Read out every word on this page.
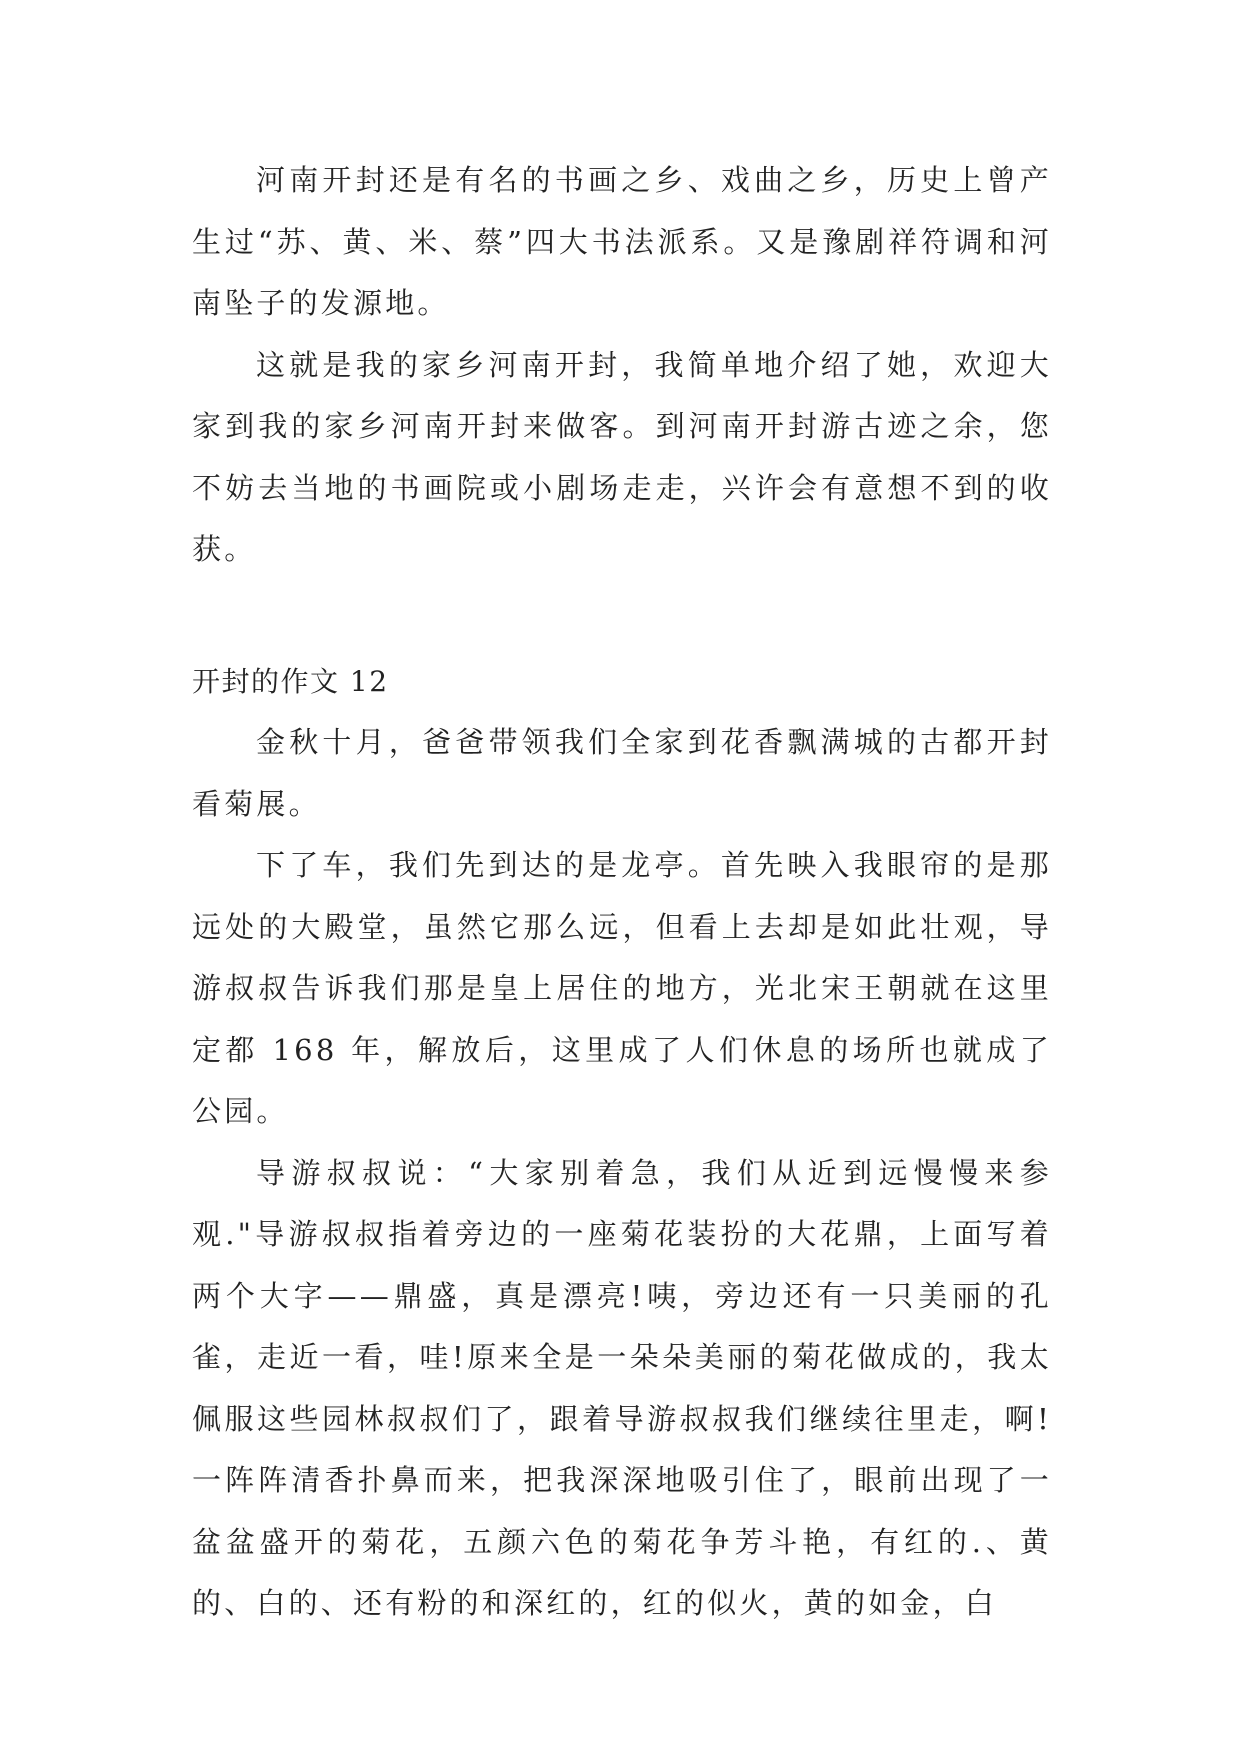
河南开封还是有名的书画之乡、戏曲之乡，历史上曾产生过“苏、黄、米、蔡”四大书法派系。又是豫剧祥符调和河南坠子的发源地。

这就是我的家乡河南开封，我简单地介绍了她，欢迎大家到我的家乡河南开封来做客。到河南开封游古迹之余，您不妨去当地的书画院或小剧场走走，兴许会有意想不到的收获。

开封的作文 12

金秋十月，爸爸带领我们全家到花香飘满城的古都开封看菊展。

下了车，我们先到达的是龙亭。首先映入我眼帘的是那远处的大殿堂，虽然它那么远，但看上去却是如此壮观，导游叔叔告诉我们那是皇上居住的地方，光北宋王朝就在这里定都 168 年，解放后，这里成了人们休息的场所也就成了公园。

导游叔叔说：“大家别着急，我们从近到远慢慢来参观."导游叔叔指着旁边的一座菊花装扮的大花鼎，上面写着两个大字——鼎盛，真是漂亮!咦，旁边还有一只美丽的孔雀，走近一看，哇!原来全是一朵朵美丽的菊花做成的，我太佩服这些园林叔叔们了，跟着导游叔叔我们继续往里走，啊!一阵阵清香扑鼻而来，把我深深地吸引住了，眼前出现了一盆盆盛开的菊花，五颜六色的菊花争芳斗艳，有红的.、黄的、白的、还有粉的和深红的，红的似火，黄的如金，白
